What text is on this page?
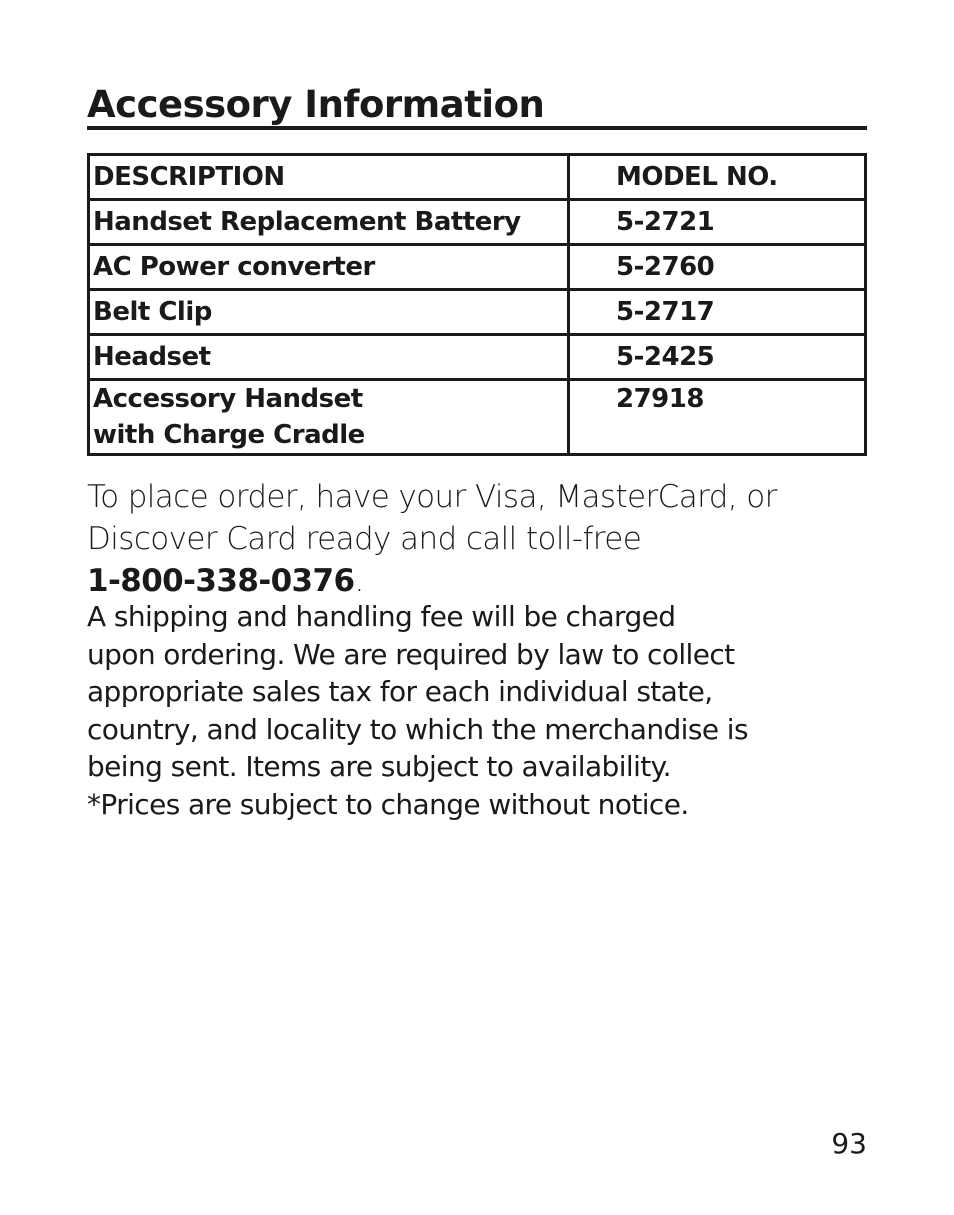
Accessory Information
DESCRIPTION	MODEL NO.
Handset Replacement Battery	5-2721
AC Power converter	5-2760
Belt Clip	5-2717
Headset	5-2425

Accessory Handset
with Charge Cradle	27918
To place order, have your Visa, MasterCard, or
Discover Card ready and call toll-free
1-800-338-0376.
A shipping and handling fee will be charged
upon ordering. We are required by law to collect
appropriate sales tax for each individual state,
country, and locality to which the merchandise is
being sent. Items are subject to availability.
*Prices are subject to change without notice.
93
